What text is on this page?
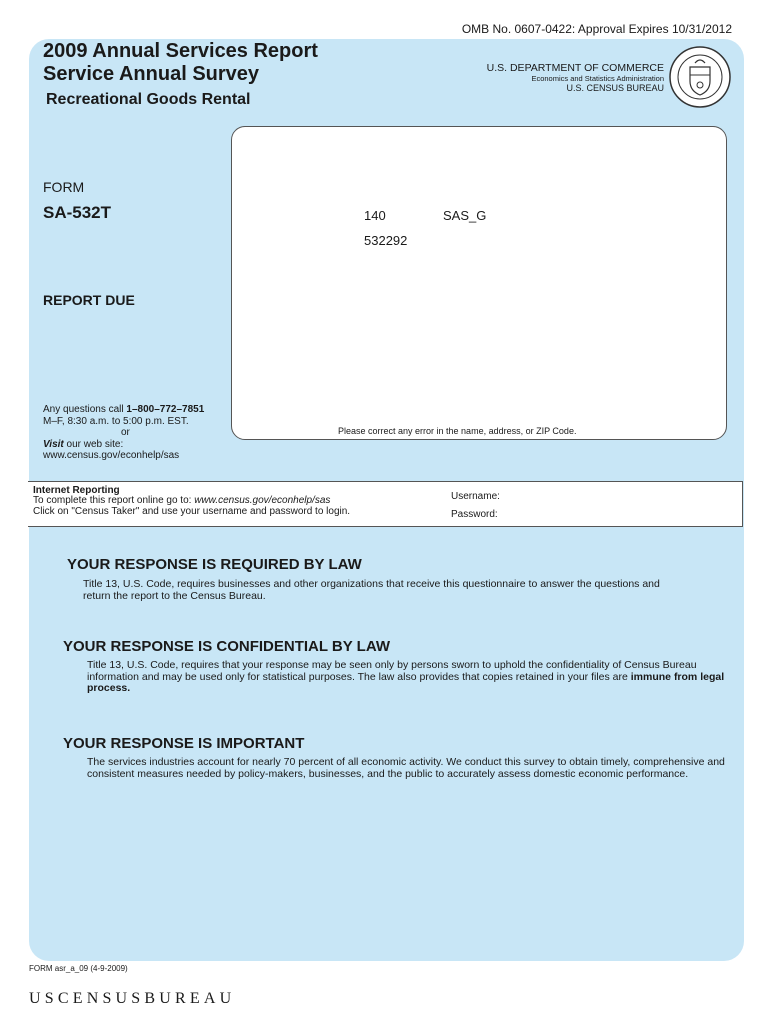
OMB No. 0607-0422: Approval Expires 10/31/2012
2009 Annual Services Report
Service Annual Survey
Recreational Goods Rental
U.S. DEPARTMENT OF COMMERCE
Economics and Statistics Administration
U.S. CENSUS BUREAU
FORM
SA-532T	140	SAS_G
532292
REPORT DUE
Any questions call 1–800–772–7851
M–F, 8:30 a.m. to 5:00 p.m. EST.
or
Visit our web site:
www.census.gov/econhelp/sas
Please correct any error in the name, address, or ZIP Code.
Internet Reporting
To complete this report online go to: www.census.gov/econhelp/sas
Click on "Census Taker" and use your username and password to login.
Username:
Password:
YOUR RESPONSE IS REQUIRED BY LAW
Title 13, U.S. Code, requires businesses and other organizations that receive this questionnaire to answer the questions and return the report to the Census Bureau.
YOUR RESPONSE IS CONFIDENTIAL BY LAW
Title 13, U.S. Code, requires that your response may be seen only by persons sworn to uphold the confidentiality of Census Bureau information and may be used only for statistical purposes. The law also provides that copies retained in your files are immune from legal process.
YOUR RESPONSE IS IMPORTANT
The services industries account for nearly 70 percent of all economic activity. We conduct this survey to obtain timely, comprehensive and consistent measures needed by policy-makers, businesses, and the public to accurately assess domestic economic performance.
FORM asr_a_09 (4-9-2009)
USCENSUSBUREAU
